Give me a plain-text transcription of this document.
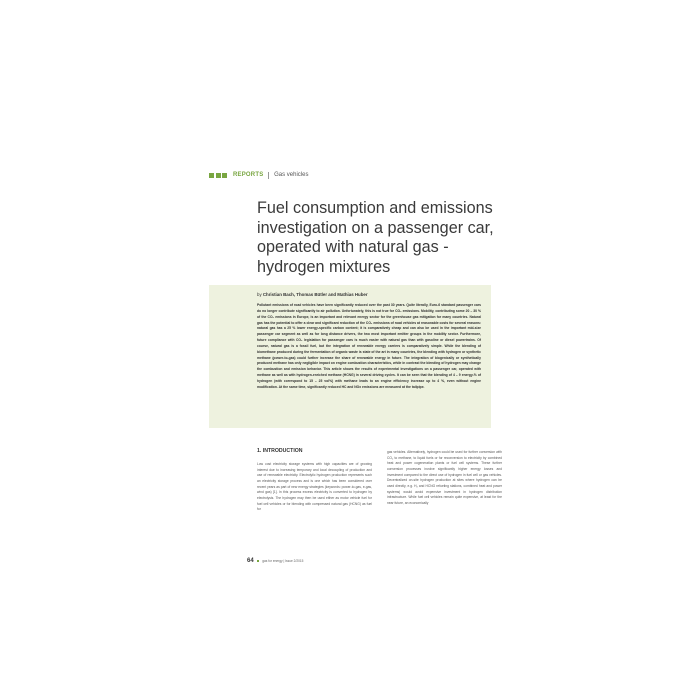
REPORTS Gas vehicles
Fuel consumption and emissions investigation on a passenger car, operated with natural gas - hydrogen mixtures
by Christian Bach, Thomas Bütler and Mathias Huber

Pollutant emissions of road vehicles have been significantly reduced over the past 30 years. Quite literally, Euro-6 standard passenger cars do no longer contribute significantly to air pollution. Unfortunately, this is not true for CO₂ emissions. Mobility, contributing some 20 – 30 % of the CO₂ emissions in Europe, is an important and relevant energy sector for the greenhouse gas mitigation for many countries. Natural gas has the potential to offer a clear and significant reduction of the CO₂ emissions of road vehicles at reasonable costs for several reasons: natural gas has a 25 % lower energy-specific carbon content; it is comparatively cheap and can also be used in the important mid-size passenger car segment as well as for long distance drivers, the two most important emitter groups in the mobility sector. Furthermore, future compliance with CO₂ legislation for passenger cars is much easier with natural gas than with gasoline or diesel powertrains. Of course, natural gas is a fossil fuel, but the integration of renewable energy carriers is comparatively simple. While the blending of biomethane produced during the fermentation of organic waste is state of the art in many countries, the blending with hydrogen or synthetic methane (power-to-gas) could further increase the share of renewable energy in future. The integration of biogenically or synthetically produced methane has only negligible impact on engine combustion characteristics, while in contrast the blending of hydrogen may change the combustion and emission behavior. This article shows the results of experimental investigations on a passenger car, operated with methane as well as with hydrogen-enriched methane (HCNG) in several driving cycles. It can be seen that the blending of 4 – 9 energy-% of hydrogen (with correspond to 15 – 25 vol%) with methane leads to an engine efficiency increase up to 4 %, even without engine modification. At the same time, significantly reduced HC and NOx emissions are measured at the tailpipe.

1. INTRODUCTION

Low cost electricity storage systems with high capacities are of growing interest due to increasing temporary and local decoupling of production and use of renewable electricity. Electrolytic hydrogen production represents such an electricity storage process and is one which has been considered over recent years as part of new energy strategies (keywords: power-to-gas, e-gas, wind gas) [1]. In this process excess electricity is converted to hydrogen by electrolysis. The hydrogen may then be used either as motor vehicle fuel for fuel cell vehicles or for blending with compressed natural gas (HCNG) as fuel for

gas vehicles. Alternatively, hydrogen could be used for further conversion with CO₂ to methane, to liquid fuels or for reconversion to electricity by combined heat and power cogeneration plants or fuel cell systems. These further conversion processes involve significantly higher energy losses and investment compared to the direct use of hydrogen in fuel cell or gas vehicles. Decentralized on-site hydrogen production at sites where hydrogen can be used directly, e.g. H₂ and HCNG refueling stations, combined heat and power systems) would avoid expensive investment in hydrogen distribution infrastructure. While fuel cell vehicles remain quite expensive, at least for the near future, an economically

64	gas for energy | Issue 2/2015
